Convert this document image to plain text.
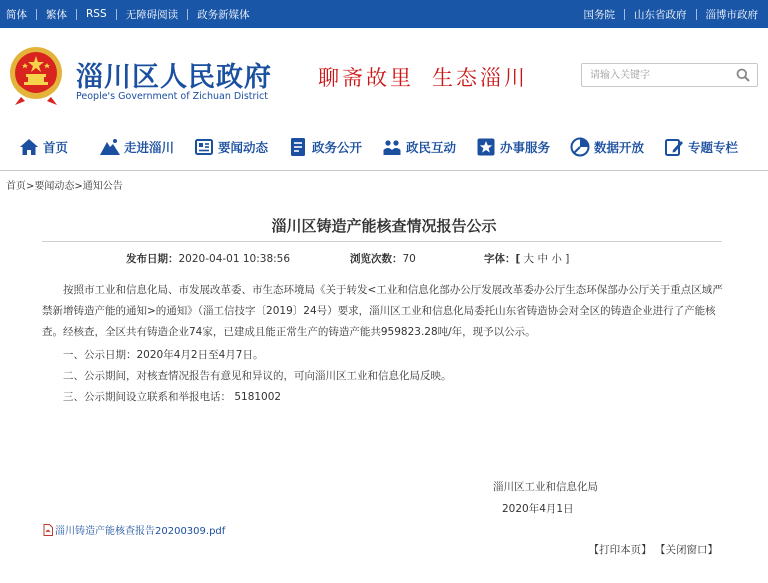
简体 繁体 RSS 无障碍阅读 政务新媒体	国务院 山东省政府 淄博市政府
淄川区人民政府
People's Government of Zichuan District
聊斋故里 生态淄川
请输入关键字
首页	走进淄川	要闻动态	政务公开	政民互动	办事服务	数据开放	专题专栏
首页>要闻动态>通知公告
淄川区铸造产能核查情况报告公示
发布日期：2020-04-01 10:38:56	浏览次数：70	字体：[ 大 中 小 ]
按照市工业和信息化局、市发展改革委、市生态环境局《关于转发<工业和信息化部办公厅发展改革委办公厅生态环保部办公厅关于重点区域严禁新增铸造产能的通知>的通知》（淄工信技字〔2019〕24号）要求，淄川区工业和信息化局委托山东省铸造协会对全区的铸造企业进行了产能核查。经核查，全区共有铸造企业74家，已建成且能正常生产的铸造产能共959823.28吨/年，现予以公示。
一、公示日期：2020年4月2日至4月7日。
二、公示期间，对核查情况报告有意见和异议的，可向淄川区工业和信息化局反映。
三、公示期间设立联系和举报电话： 5181002
淄川区工业和信息化局
2020年4月1日
淄川铸造产能核查报告20200309.pdf
【打印本页】 【关闭窗口】
